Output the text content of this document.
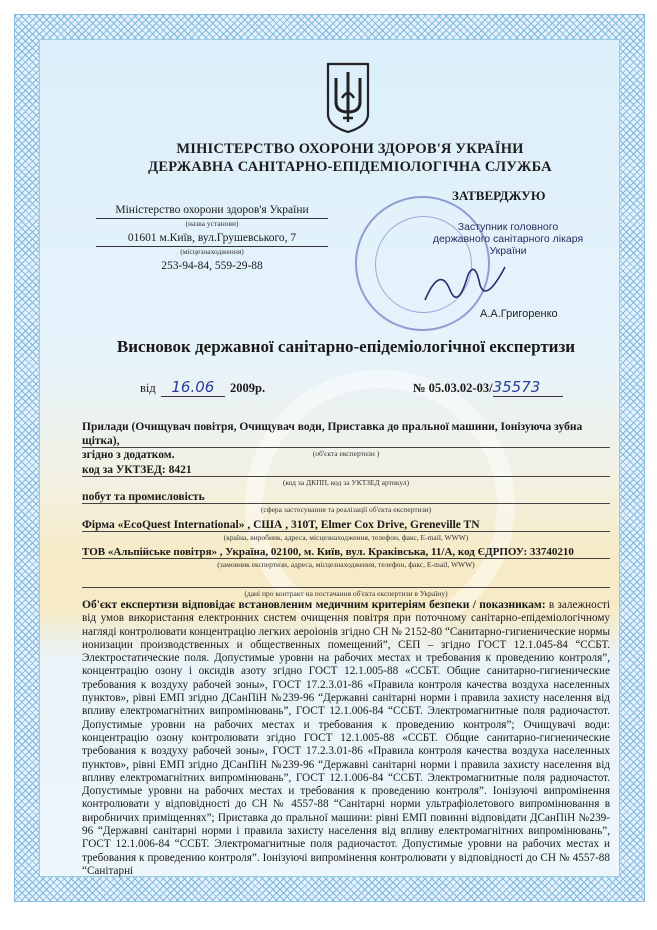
МІНІСТЕРСТВО ОХОРОНИ ЗДОРОВ'Я УКРАЇНИ
ДЕРЖАВНА САНІТАРНО-ЕПІДЕМІОЛОГІЧНА СЛУЖБА
ЗАТВЕРДЖУЮ
Міністерство охорони здоров'я України
(назва установи)
01601 м.Київ, вул.Грушевського, 7
(місцезнаходження)
253-94-84, 559-29-88
Заступник головного державного санітарного лікаря України
А.А.Григоренко
Висновок державної санітарно-епідеміологічної експертизи
від 16.06 2009р.	№ 05.03.02-03/35573
Прилади (Очищувач повітря, Очищувач води, Приставка до пральної машини, Іонізуюча зубна щітка),
згідно з додатком.	(об'єкта експертизи )
код за УКТЗЕД: 8421
(код за ДКПП, код за УКТЗЕД артикул)
побут та промисловість
(сфера застосування та реалізації об'єкта експертизи)
Фірма «EcoQuest International» , США , 310T, Elmer Cox Drive, Greneville TN
(країна, виробник, адреса, місцезнаходження, телефон, факс, E-mail, WWW)
ТОВ «Альпійське повітря» , Україна, 02100, м. Київ, вул. Краківська, 11/А, код ЄДРПОУ: 33740210
(замовник експертизи, адреса, місцезнаходження, телефон, факс, E-mail, WWW)
(дані про контракт на постачання об'єкта експертизи в Україну)
Об'єкт експертизи відповідає встановленим медичним критеріям безпеки / показникам: в залежності від умов використання електронних систем очищення повітря при поточному санітарно-епідеміологічному нагляді контролювати концентрацію легких аероіонів згідно СН № 2152-80 “Санитарно-гигиенические нормы ионизации производственных и общественных помещений”, СЕП – згідно ГОСТ 12.1.045-84 “ССБТ. Электростатические поля. Допустимые уровни на рабочих местах и требования к проведению контроля”, концентрацію озону і оксидів азоту згідно ГОСТ 12.1.005-88 «ССБТ. Общие санитарно-гигиенические требования к воздуху рабочей зоны», ГОСТ 17.2.3.01-86 «Правила контроля качества воздуха населенных пунктов», рівні ЕМП згідно ДСанПіН №239-96 “Державні санітарні норми і правила захисту населення від впливу електромагнітних випромінювань”, ГОСТ 12.1.006-84 “ССБТ. Электромагнитные поля радиочастот. Допустимые уровни на рабочих местах и требования к проведению контроля”; Очищувачі води: концентрацію озону контролювати згідно ГОСТ 12.1.005-88 «ССБТ. Общие санитарно-гигиенические требования к воздуху рабочей зоны», ГОСТ 17.2.3.01-86 «Правила контроля качества воздуха населенных пунктов», рівні ЕМП згідно ДСанПіН №239-96 “Державні санітарні норми і правила захисту населення від впливу електромагнітних випромінювань”, ГОСТ 12.1.006-84 “ССБТ. Электромагнитные поля радиочастот. Допустимые уровни на рабочих местах и требования к проведению контроля”. Іонізуючі випромінення контролювати у відповідності до СН № 4557-88 “Санітарні норми ультрафіолетового випромінювання в виробничих приміщеннях”; Приставка до пральної машини: рівні ЕМП повинні відповідати ДСанПіН №239-96 “Державні санітарні норми і правила захисту населення від впливу електромагнітних випромінювань”, ГОСТ 12.1.006-84 “ССБТ. Электромагнитные поля радиочастот. Допустимые уровни на рабочих местах и требования к проведению контроля”. Іонізуючі випромінення контролювати у відповідності до СН № 4557-88 “Санітарні
